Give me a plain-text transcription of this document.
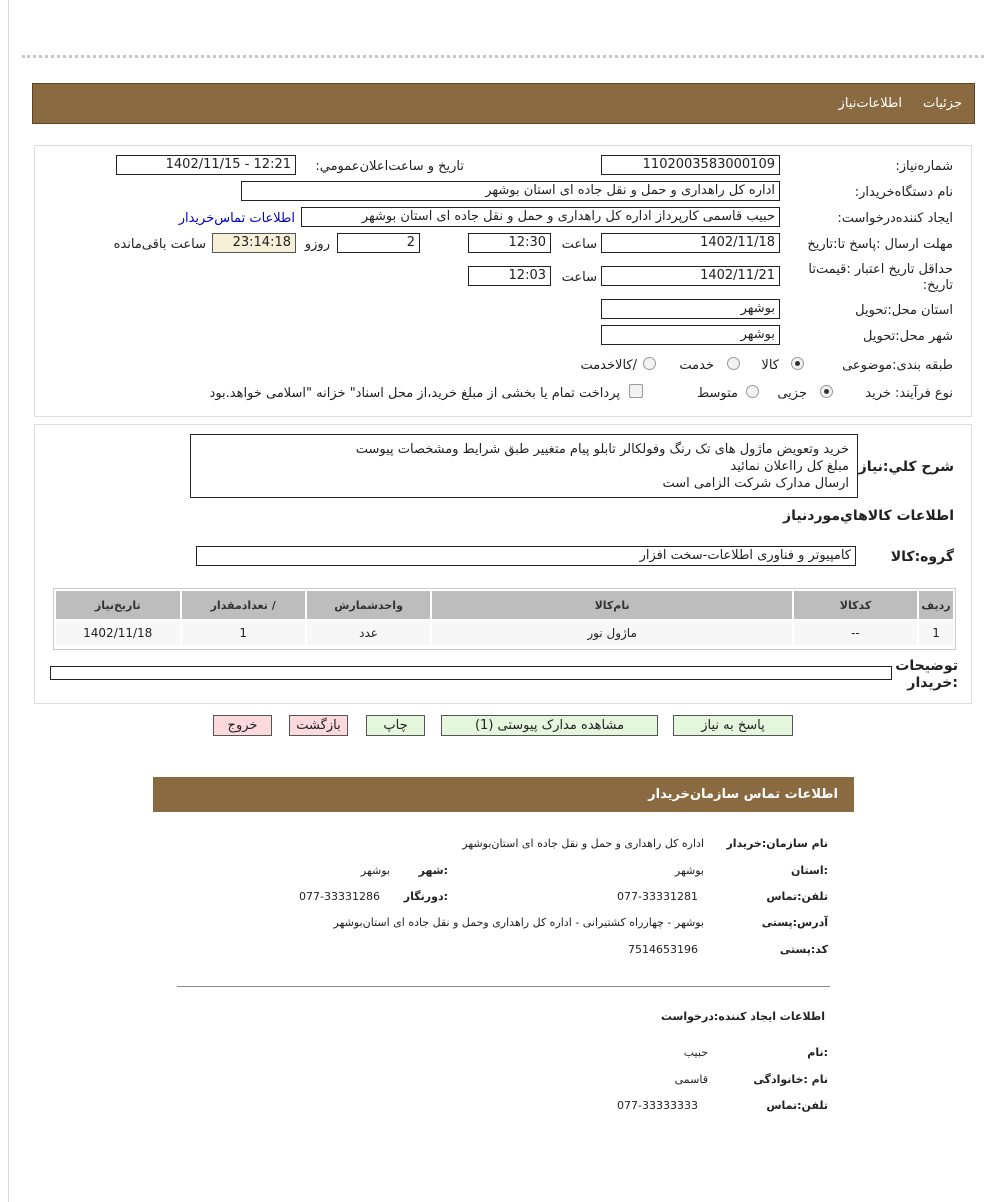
جزئیات
اطلاعات‌نیاز
شماره‌نیاز:
1102003583000109
تاریخ و ساعت‌اعلان‌عمومي:
1402/11/15 - 12:21
نام دستگاه‌خریدار:
اداره کل راهداری و حمل و نقل جاده ای استان بوشهر
ایجاد کننده‌درخواست:
حبیب قاسمی کارپرداز اداره کل راهداری و حمل و نقل جاده ای استان بوشهر
اطلاعات تماس‌خریدار
مهلت ارسال :پاسخ تا:تاریخ
1402/11/18
ساعت
12:30
2
روزو
23:14:18
ساعت باقی‌مانده
حداقل تاریخ اعتبار :قیمت‌تا تاریخ:
1402/11/21
ساعت
12:03
استان محل:تحویل
بوشهر
شهر محل:تحویل
بوشهر
طبقه بندی:موضوعی
کالا
خدمت
/کالاخدمت
نوع فرآیند: خرید
جزیی
متوسط
پرداخت تمام یا بخشی از مبلغ خرید،از محل اسناد" خزانه "اسلامی خواهد.بود
شرح کلي:نياز
خرید وتعویض ماژول های تک رنگ وفولکالر تابلو پیام متغییر طبق شرایط ومشخصات پیوست
مبلغ کل رااعلان نمائید
ارسال مدارک شرکت الزامی است
اطلاعات کالاهاي‌موردنیاز
گروه:کالا
کامپیوتر و فناوری اطلاعات-سخت افزار
ردیف	کدکالا	نام‌کالا	واحدشمارش	/ تعدادمقدار	تاریخ‌نیاز
1	--	ماژول نور	عدد	1	1402/11/18
توضیحات :خریدار
پاسخ به نیاز
مشاهده مدارک پیوستی (1)
چاپ
بازگشت
خروج
اطلاعات تماس سازمان‌خریدار
نام سازمان:خریدار
اداره کل راهداری و حمل و نقل جاده ای استان‌بوشهر
:استان
بوشهر
:شهر
بوشهر
تلفن:تماس
077-33331281
:دورنگار
077-33331286
آدرس:پستی
بوشهر - چهارراه کشتیرانی - اداره کل راهداری وحمل و نقل جاده ای استان‌بوشهر
کد:پستی
7514653196
اطلاعات ایجاد کننده:درخواست
:نام
حبیب
نام :خانوادگی
قاسمی
تلفن:تماس
077-33333333
